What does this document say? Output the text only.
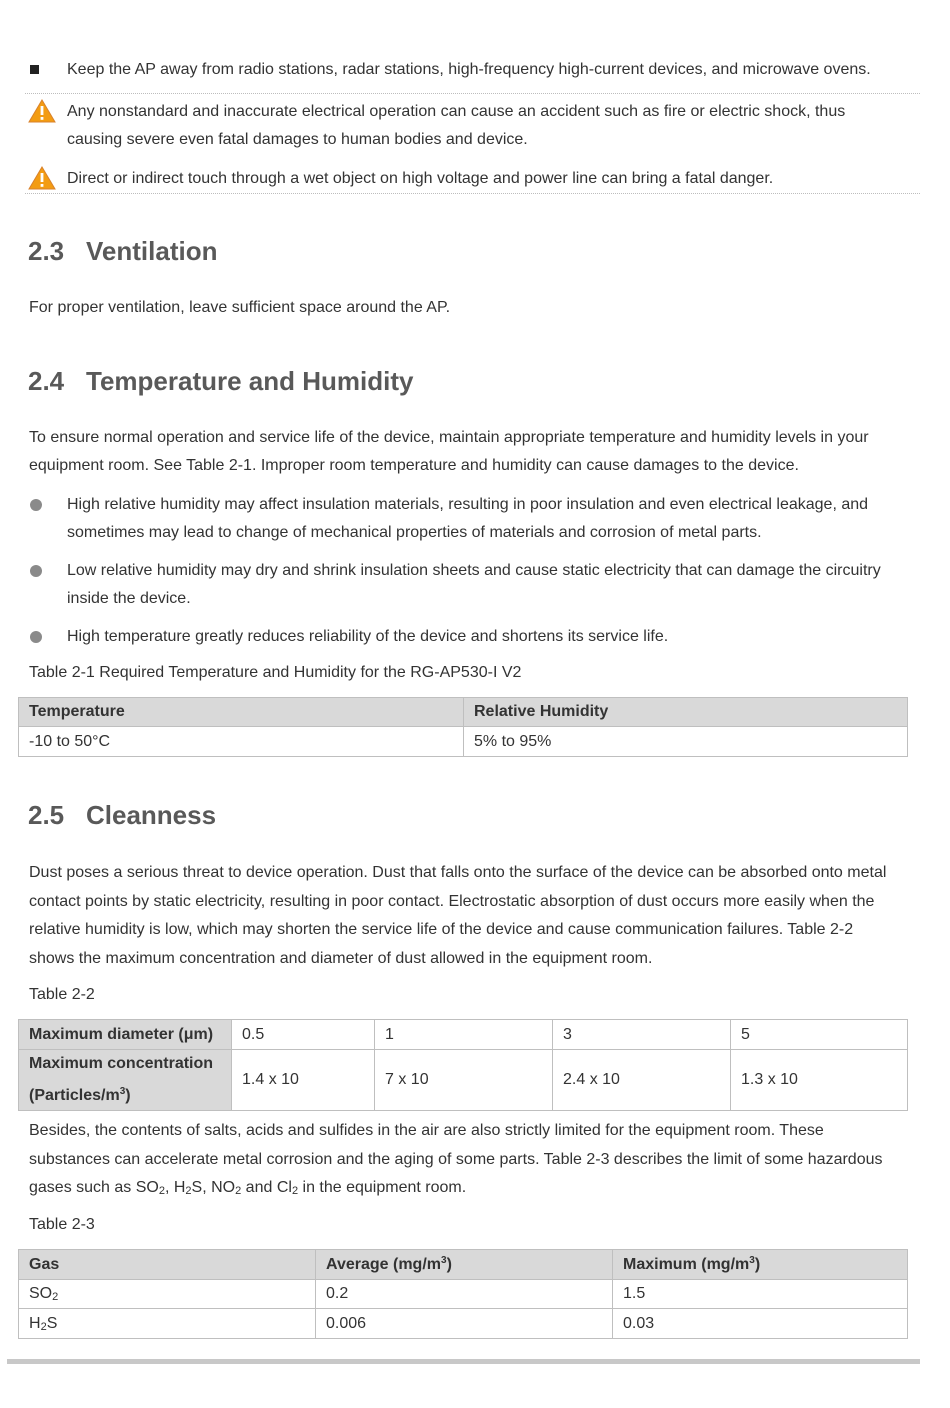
Keep the AP away from radio stations, radar stations, high-frequency high-current devices, and microwave ovens.
Any nonstandard and inaccurate electrical operation can cause an accident such as fire or electric shock, thus
causing severe even fatal damages to human bodies and device.
Direct or indirect touch through a wet object on high voltage and power line can bring a fatal danger.
2.3 Ventilation
For proper ventilation, leave sufficient space around the AP.
2.4 Temperature and Humidity
To ensure normal operation and service life of the device, maintain appropriate temperature and humidity levels in your
equipment room. See Table 2-1. Improper room temperature and humidity can cause damages to the device.
High relative humidity may affect insulation materials, resulting in poor insulation and even electrical leakage, and
sometimes may lead to change of mechanical properties of materials and corrosion of metal parts.
Low relative humidity may dry and shrink insulation sheets and cause static electricity that can damage the circuitry
inside the device.
High temperature greatly reduces reliability of the device and shortens its service life.
Table 2-1 Required Temperature and Humidity for the RG-AP530-I V2
Temperature	Relative Humidity
-10 to 50°C	5% to 95%
2.5 Cleanness
Dust poses a serious threat to device operation. Dust that falls onto the surface of the device can be absorbed onto metal
contact points by static electricity, resulting in poor contact. Electrostatic absorption of dust occurs more easily when the
relative humidity is low, which may shorten the service life of the device and cause communication failures. Table 2-2
shows the maximum concentration and diameter of dust allowed in the equipment room.
Table 2-2
Maximum diameter (μm)	0.5	1	3	5

Maximum concentration
$(Particles/m^3)$	1.4 x 10	7 x 10	2.4 x 10	1.3 x 10
Besides, the contents of salts, acids and sulfides in the air are also strictly limited for the equipment room. These
substances can accelerate metal corrosion and the aging of some parts. Table 2-3 describes the limit of some hazardous
gases such as $SO_2$, $H_2S$, $NO_2$ and $Cl_2$ in the equipment room.
Table 2-3
Gas	Average $(mg/m^3)$	Maximum $(mg/m^3)$
$SO_2$	0.2	1.5
$H_2S$	0.006	0.03
